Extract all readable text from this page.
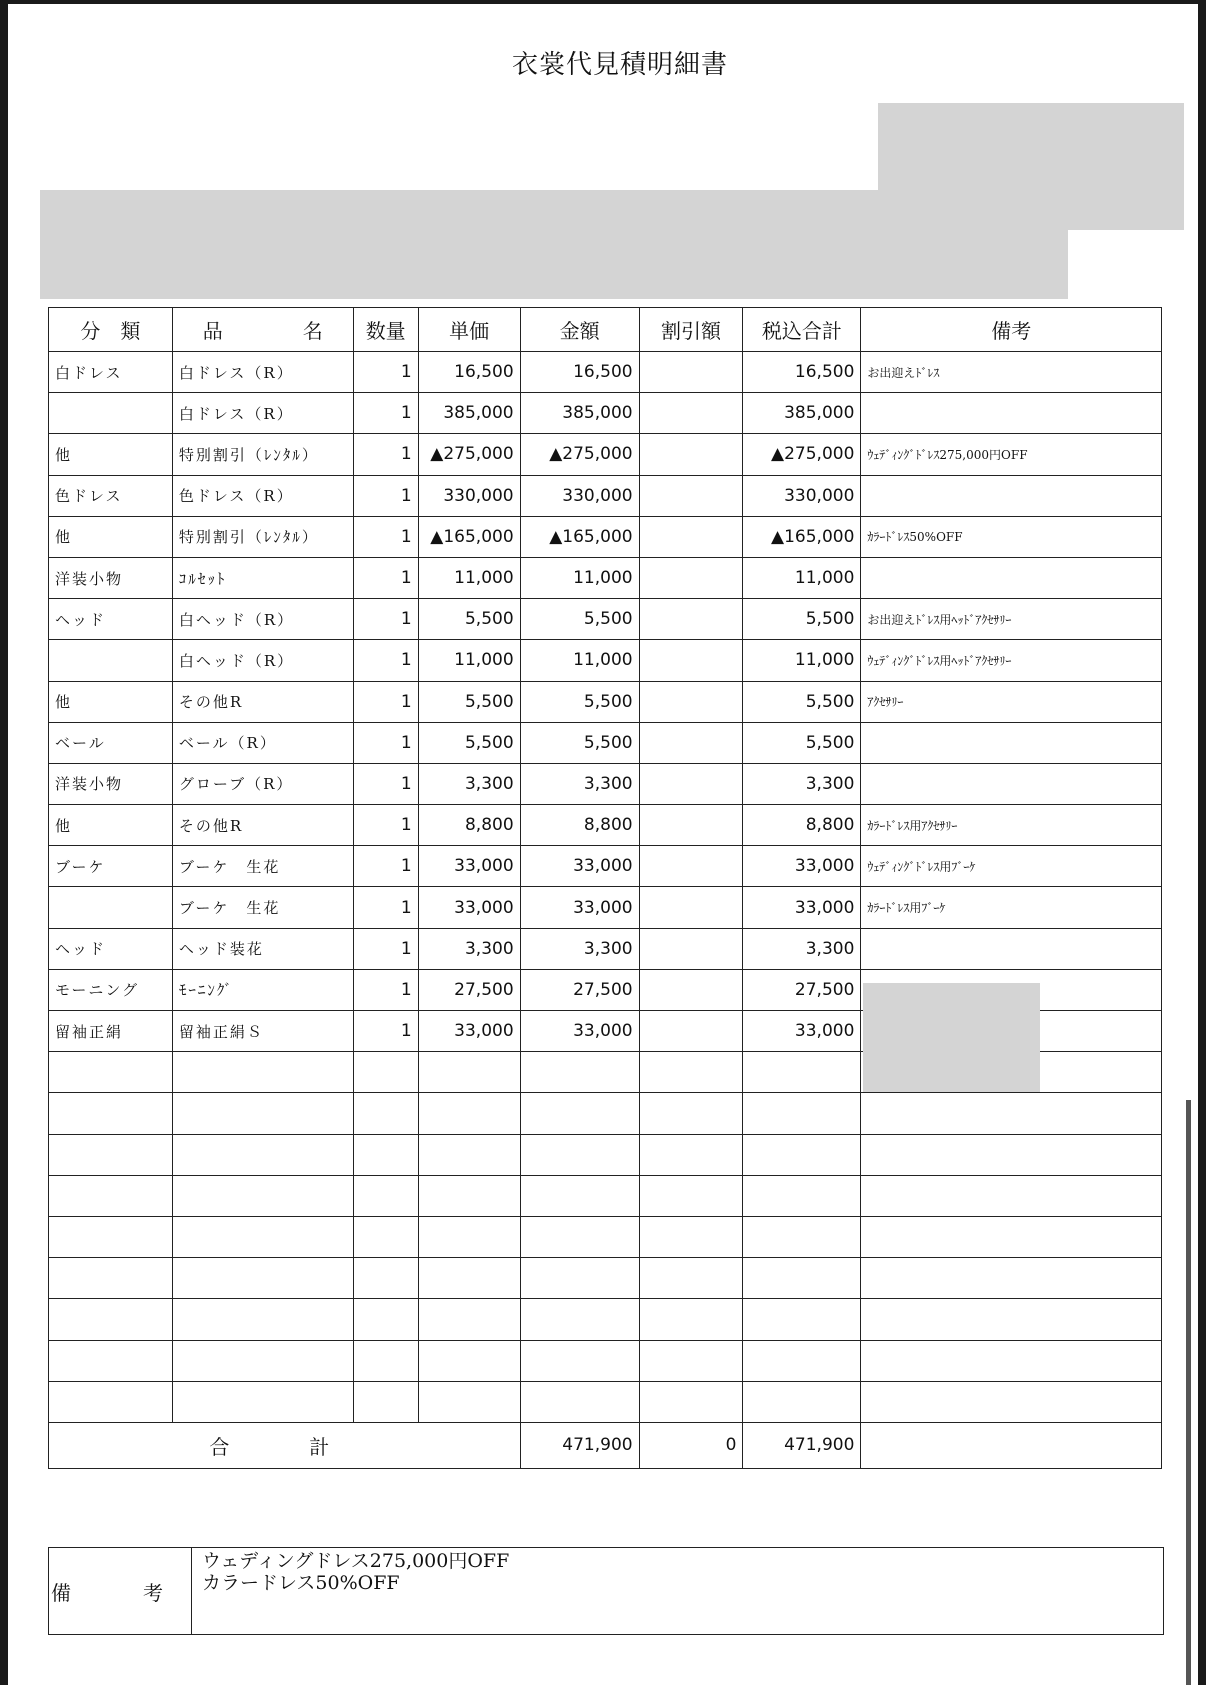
衣裳代見積明細書
分　類	品　　　　名	数量	単価	金額	割引額	税込合計	備考
白ドレス	白ドレス（R）	1	16,500	16,500		16,500	お出迎えﾄﾞﾚｽ
	白ドレス（R）	1	385,000	385,000		385,000	
他	特別割引（ﾚﾝﾀﾙ）	1	▲275,000	▲275,000		▲275,000	ｳｪﾃﾞｨﾝｸﾞﾄﾞﾚｽ275,000円OFF
色ドレス	色ドレス（R）	1	330,000	330,000		330,000	
他	特別割引（ﾚﾝﾀﾙ）	1	▲165,000	▲165,000		▲165,000	ｶﾗｰﾄﾞﾚｽ50%OFF
洋装小物	ｺﾙｾｯﾄ	1	11,000	11,000		11,000	
ヘッド	白ヘッド（R）	1	5,500	5,500		5,500	お出迎えﾄﾞﾚｽ用ﾍｯﾄﾞｱｸｾｻﾘｰ
	白ヘッド（R）	1	11,000	11,000		11,000	ｳｪﾃﾞｨﾝｸﾞﾄﾞﾚｽ用ﾍｯﾄﾞｱｸｾｻﾘｰ
他	その他R	1	5,500	5,500		5,500	ｱｸｾｻﾘｰ
ベール	ベール（R）	1	5,500	5,500		5,500	
洋装小物	グローブ（R）	1	3,300	3,300		3,300	
他	その他R	1	8,800	8,800		8,800	ｶﾗｰﾄﾞﾚｽ用ｱｸｾｻﾘｰ
ブーケ	ブーケ　生花	1	33,000	33,000		33,000	ｳｪﾃﾞｨﾝｸﾞﾄﾞﾚｽ用ﾌﾞｰｹ
	ブーケ　生花	1	33,000	33,000		33,000	ｶﾗｰﾄﾞﾚｽ用ﾌﾞｰｹ
ヘッド	ヘッド装花	1	3,300	3,300		3,300	
モーニング	ﾓｰﾆﾝｸﾞ	1	27,500	27,500		27,500	
留袖正絹	留袖正絹Ｓ	1	33,000	33,000		33,000	

合　計				471,900	0	471,900	
備　考	
ウェディングドレス275,000円OFF
カラードレス50%OFF
